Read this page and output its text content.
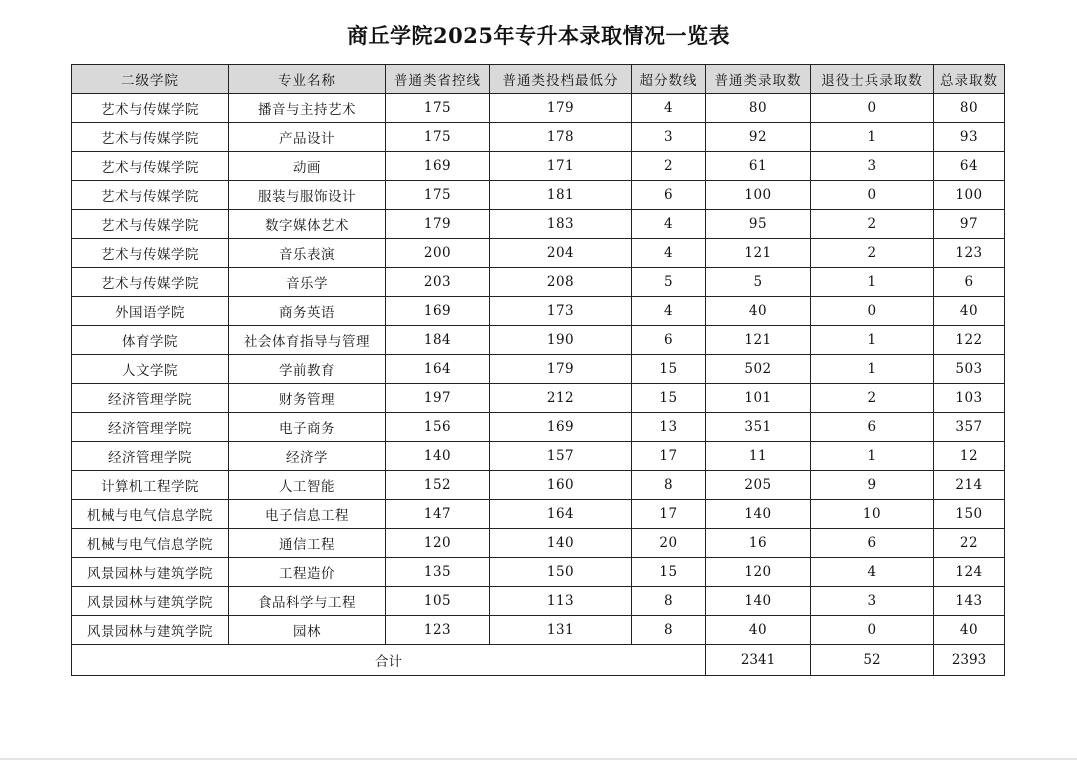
商丘学院2025年专升本录取情况一览表
二级学院	专业名称	普通类省控线	普通类投档最低分	超分数线	普通类录取数	退役士兵录取数	总录取数
艺术与传媒学院	播音与主持艺术	175	179	4	80	0	80
艺术与传媒学院	产品设计	175	178	3	92	1	93
艺术与传媒学院	动画	169	171	2	61	3	64
艺术与传媒学院	服装与服饰设计	175	181	6	100	0	100
艺术与传媒学院	数字媒体艺术	179	183	4	95	2	97
艺术与传媒学院	音乐表演	200	204	4	121	2	123
艺术与传媒学院	音乐学	203	208	5	5	1	6
外国语学院	商务英语	169	173	4	40	0	40
体育学院	社会体育指导与管理	184	190	6	121	1	122
人文学院	学前教育	164	179	15	502	1	503
经济管理学院	财务管理	197	212	15	101	2	103
经济管理学院	电子商务	156	169	13	351	6	357
经济管理学院	经济学	140	157	17	11	1	12
计算机工程学院	人工智能	152	160	8	205	9	214
机械与电气信息学院	电子信息工程	147	164	17	140	10	150
机械与电气信息学院	通信工程	120	140	20	16	6	22
风景园林与建筑学院	工程造价	135	150	15	120	4	124
风景园林与建筑学院	食品科学与工程	105	113	8	140	3	143
风景园林与建筑学院	园林	123	131	8	40	0	40
合计					2341	52	2393
